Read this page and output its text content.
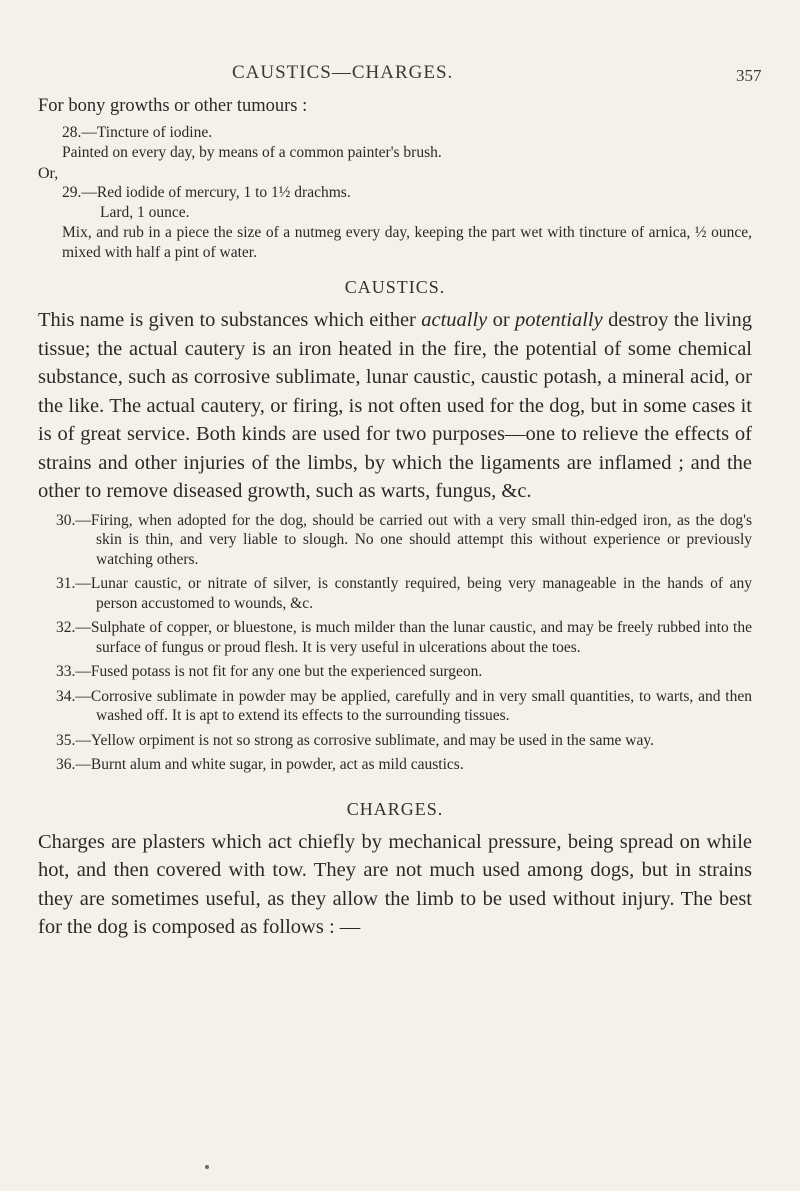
CAUSTICS—CHARGES.	357

For bony growths or other tumours :

28.—Tincture of iodine.

Painted on every day, by means of a common painter's brush.

Or,

29.—Red iodide of mercury, 1 to 1½ drachms.

Lard, 1 ounce.

Mix, and rub in a piece the size of a nutmeg every day, keeping the part wet with tincture of arnica, ½ ounce, mixed with half a pint of water.

CAUSTICS.

This name is given to substances which either actually or potentially destroy the living tissue; the actual cautery is an iron heated in the fire, the potential of some chemical substance, such as corrosive sublimate, lunar caustic, caustic potash, a mineral acid, or the like. The actual cautery, or firing, is not often used for the dog, but in some cases it is of great service. Both kinds are used for two purposes—one to relieve the effects of strains and other injuries of the limbs, by which the ligaments are inflamed ; and the other to remove diseased growth, such as warts, fungus, &c.

30.—Firing, when adopted for the dog, should be carried out with a very small thin-edged iron, as the dog's skin is thin, and very liable to slough. No one should attempt this without experience or previously watching others.

31.—Lunar caustic, or nitrate of silver, is constantly required, being very manageable in the hands of any person accustomed to wounds, &c.

32.—Sulphate of copper, or bluestone, is much milder than the lunar caustic, and may be freely rubbed into the surface of fungus or proud flesh. It is very useful in ulcerations about the toes.

33.—Fused potass is not fit for any one but the experienced surgeon.

34.—Corrosive sublimate in powder may be applied, carefully and in very small quantities, to warts, and then washed off. It is apt to extend its effects to the surrounding tissues.

35.—Yellow orpiment is not so strong as corrosive sublimate, and may be used in the same way.

36.—Burnt alum and white sugar, in powder, act as mild caustics.

CHARGES.

Charges are plasters which act chiefly by mechanical pressure, being spread on while hot, and then covered with tow. They are not much used among dogs, but in strains they are sometimes useful, as they allow the limb to be used without injury. The best for the dog is composed as follows : —
